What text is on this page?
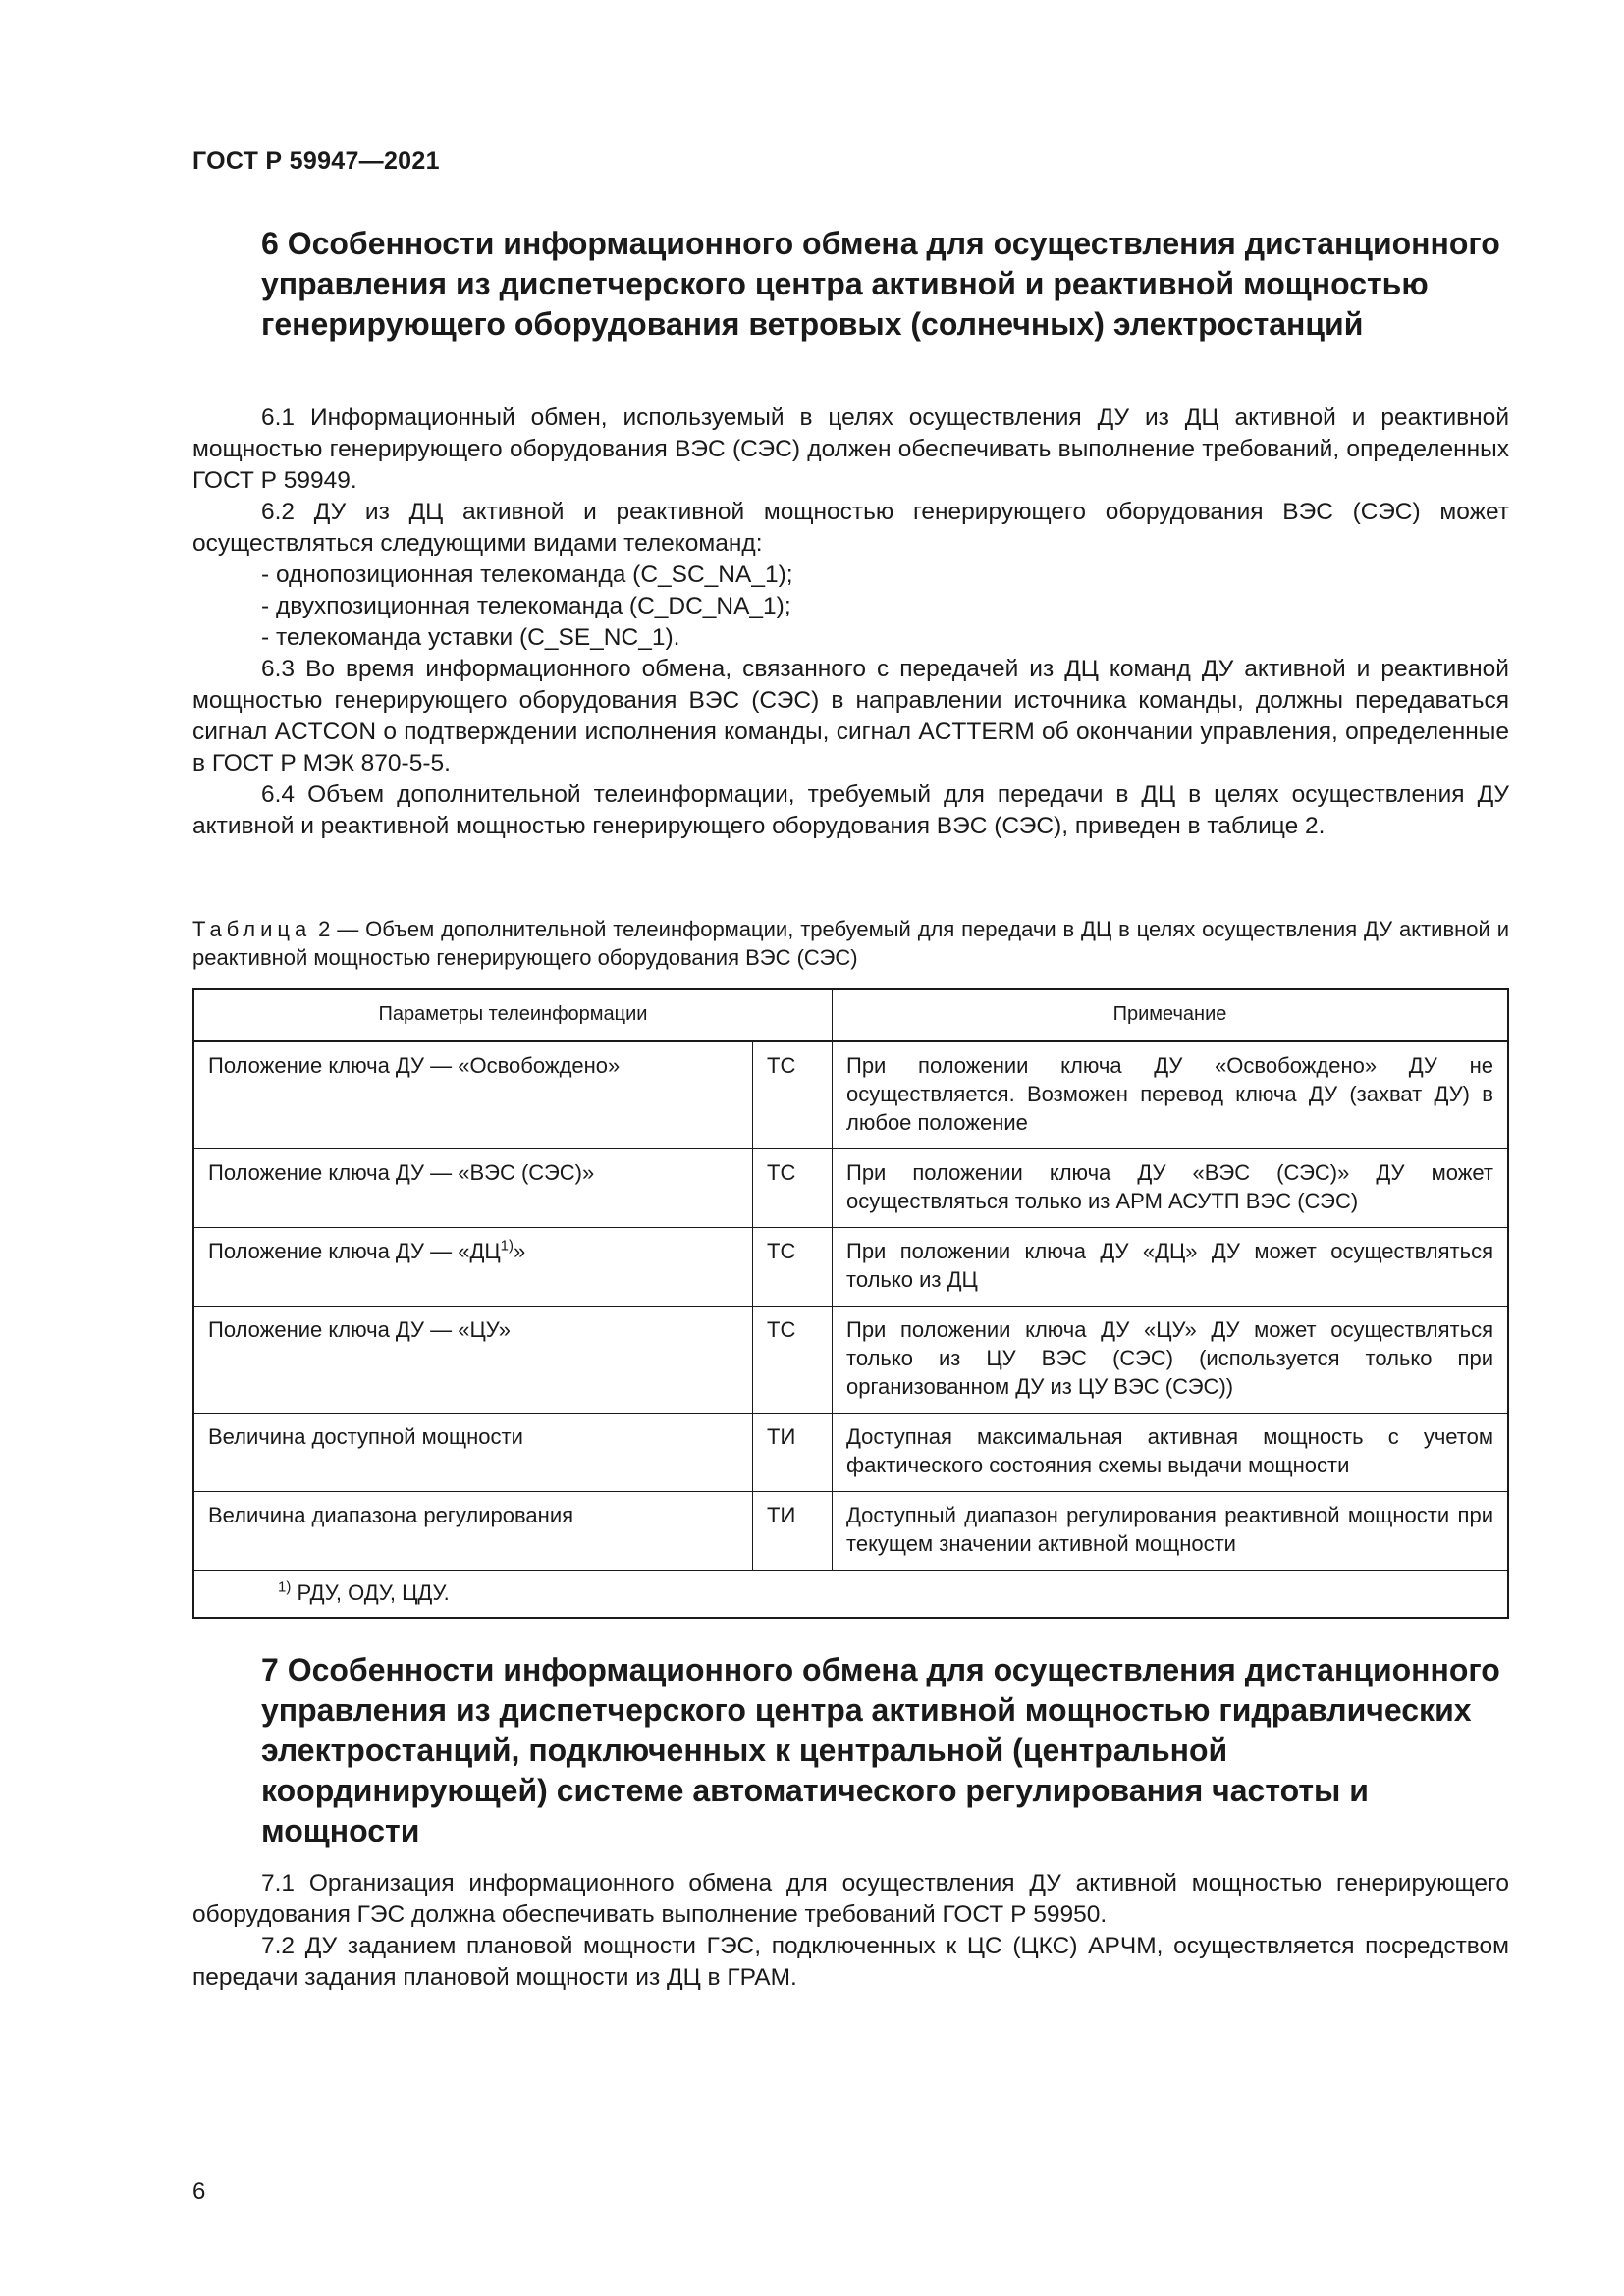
ГОСТ Р 59947—2021
6 Особенности информационного обмена для осуществления дистанционного управления из диспетчерского центра активной и реактивной мощностью генерирующего оборудования ветровых (солнечных) электростанций

6.1 Информационный обмен, используемый в целях осуществления ДУ из ДЦ активной и реактивной мощностью генерирующего оборудования ВЭС (СЭС) должен обеспечивать выполнение требований, определенных ГОСТ Р 59949.

6.2 ДУ из ДЦ активной и реактивной мощностью генерирующего оборудования ВЭС (СЭС) может осуществляться следующими видами телекоманд:

- однопозиционная телекоманда (C_SC_NA_1);
- двухпозиционная телекоманда (C_DC_NA_1);
- телекоманда уставки (C_SE_NC_1).

6.3 Во время информационного обмена, связанного с передачей из ДЦ команд ДУ активной и реактивной мощностью генерирующего оборудования ВЭС (СЭС) в направлении источника команды, должны передаваться сигнал ACTCON о подтверждении исполнения команды, сигнал ACTTERM об окончании управления, определенные в ГОСТ Р МЭК 870-5-5.

6.4 Объем дополнительной телеинформации, требуемый для передачи в ДЦ в целях осуществления ДУ активной и реактивной мощностью генерирующего оборудования ВЭС (СЭС), приведен в таблице 2.

Таблица 2 — Объем дополнительной телеинформации, требуемый для передачи в ДЦ в целях осуществления ДУ активной и реактивной мощностью генерирующего оборудования ВЭС (СЭС)
Параметры телеинформации		Примечание
Положение ключа ДУ — «Освобождено»	ТС	При положении ключа ДУ «Освобождено» ДУ не осуществляется. Возможен перевод ключа ДУ (захват ДУ) в любое положение
Положение ключа ДУ — «ВЭС (СЭС)»	ТС	При положении ключа ДУ «ВЭС (СЭС)» ДУ может осуществляться только из АРМ АСУТП ВЭС (СЭС)
Положение ключа ДУ — «ДЦ$^{1)}$»	ТС	При положении ключа ДУ «ДЦ» ДУ может осуществляться только из ДЦ
Положение ключа ДУ — «ЦУ»	ТС	При положении ключа ДУ «ЦУ» ДУ может осуществляться только из ЦУ ВЭС (СЭС) (используется только при организованном ДУ из ЦУ ВЭС (СЭС))
Величина доступной мощности	ТИ	Доступная максимальная активная мощность с учетом фактического состояния схемы выдачи мощности
Величина диапазона регулирования	ТИ	Доступный диапазон регулирования реактивной мощности при текущем значении активной мощности
$^{1)}$ РДУ, ОДУ, ЦДУ.		
7 Особенности информационного обмена для осуществления дистанционного управления из диспетчерского центра активной мощностью гидравлических электростанций, подключенных к центральной (центральной координирующей) системе автоматического регулирования частоты и мощности

7.1 Организация информационного обмена для осуществления ДУ активной мощностью генерирующего оборудования ГЭС должна обеспечивать выполнение требований ГОСТ Р 59950.

7.2 ДУ заданием плановой мощности ГЭС, подключенных к ЦС (ЦКС) АРЧМ, осуществляется посредством передачи задания плановой мощности из ДЦ в ГРАМ.

6
